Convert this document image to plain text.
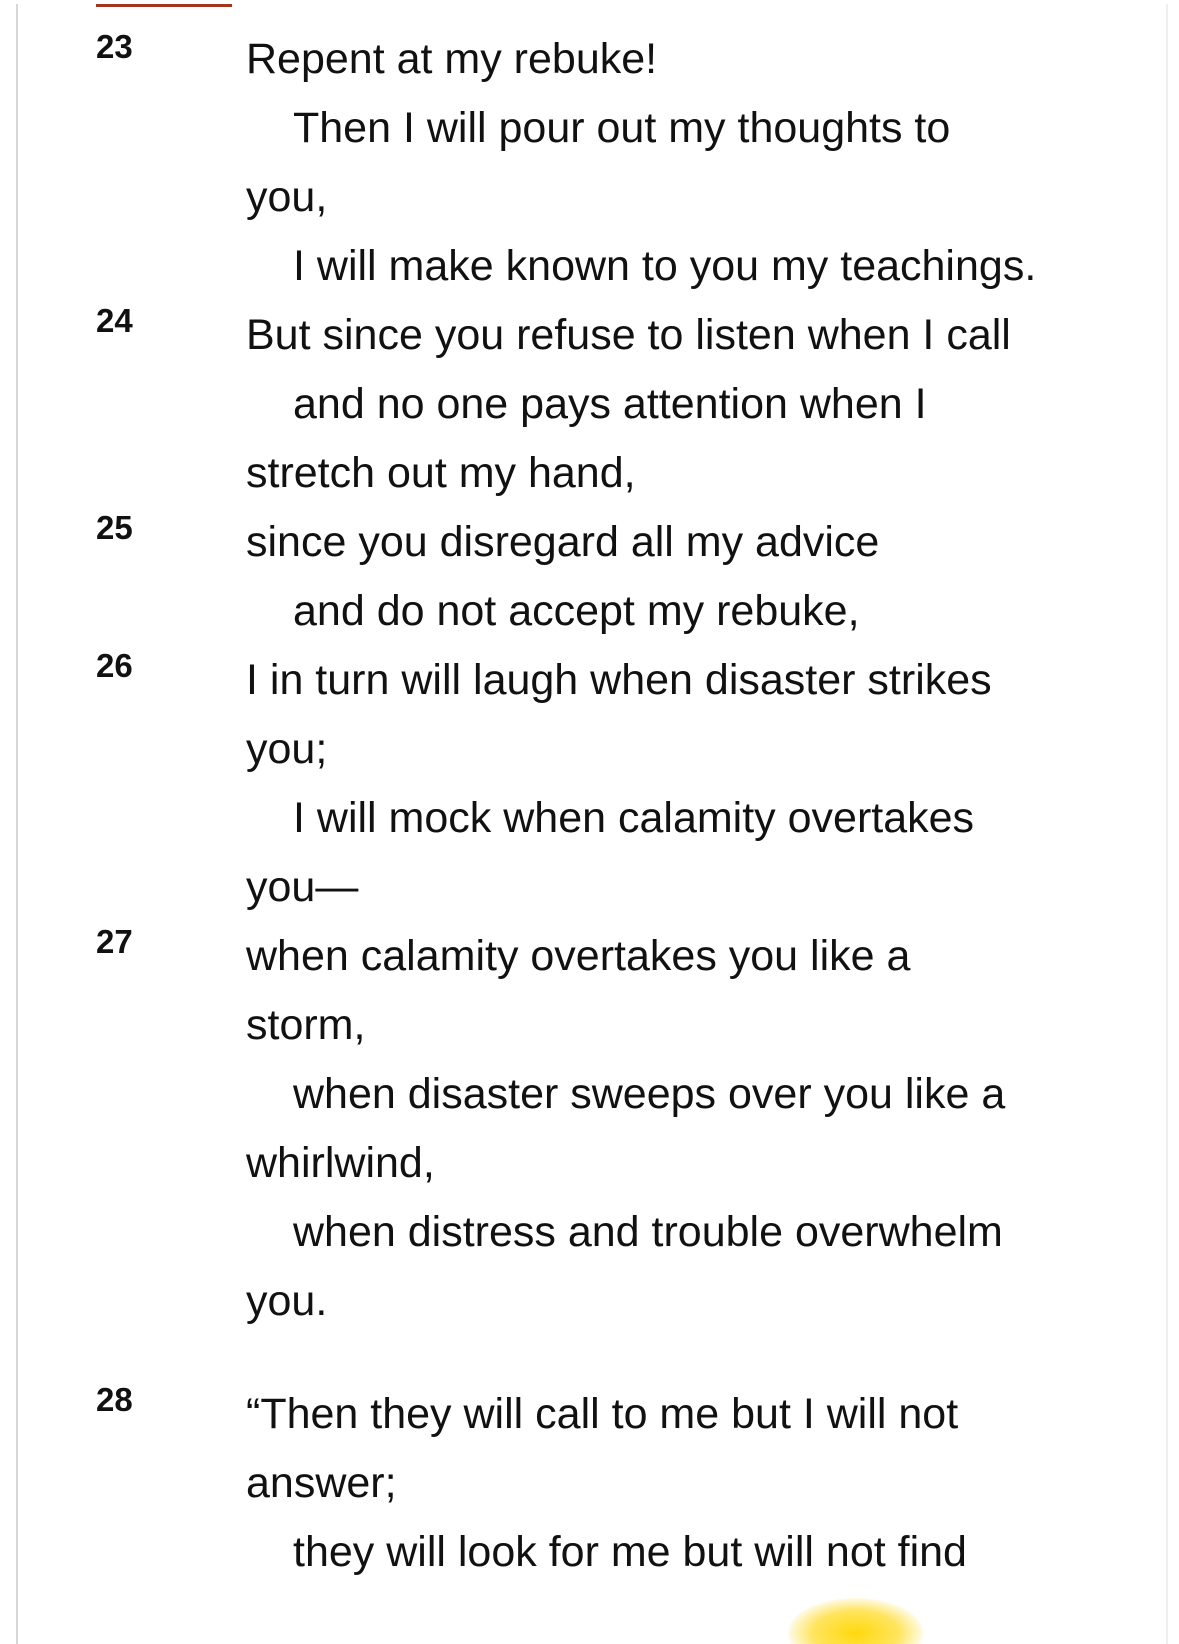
23
24
25
26
27
28
Repent at my rebuke!
Then I will pour out my thoughts to
you,
I will make known to you my teachings.
But since you refuse to listen when I call
and no one pays attention when I
stretch out my hand,
since you disregard all my advice
and do not accept my rebuke,
I in turn will laugh when disaster strikes
you;
I will mock when calamity overtakes
you—
when calamity overtakes you like a
storm,
when disaster sweeps over you like a
whirlwind,
when distress and trouble overwhelm
you.
“Then they will call to me but I will not
answer;
they will look for me but will not find
